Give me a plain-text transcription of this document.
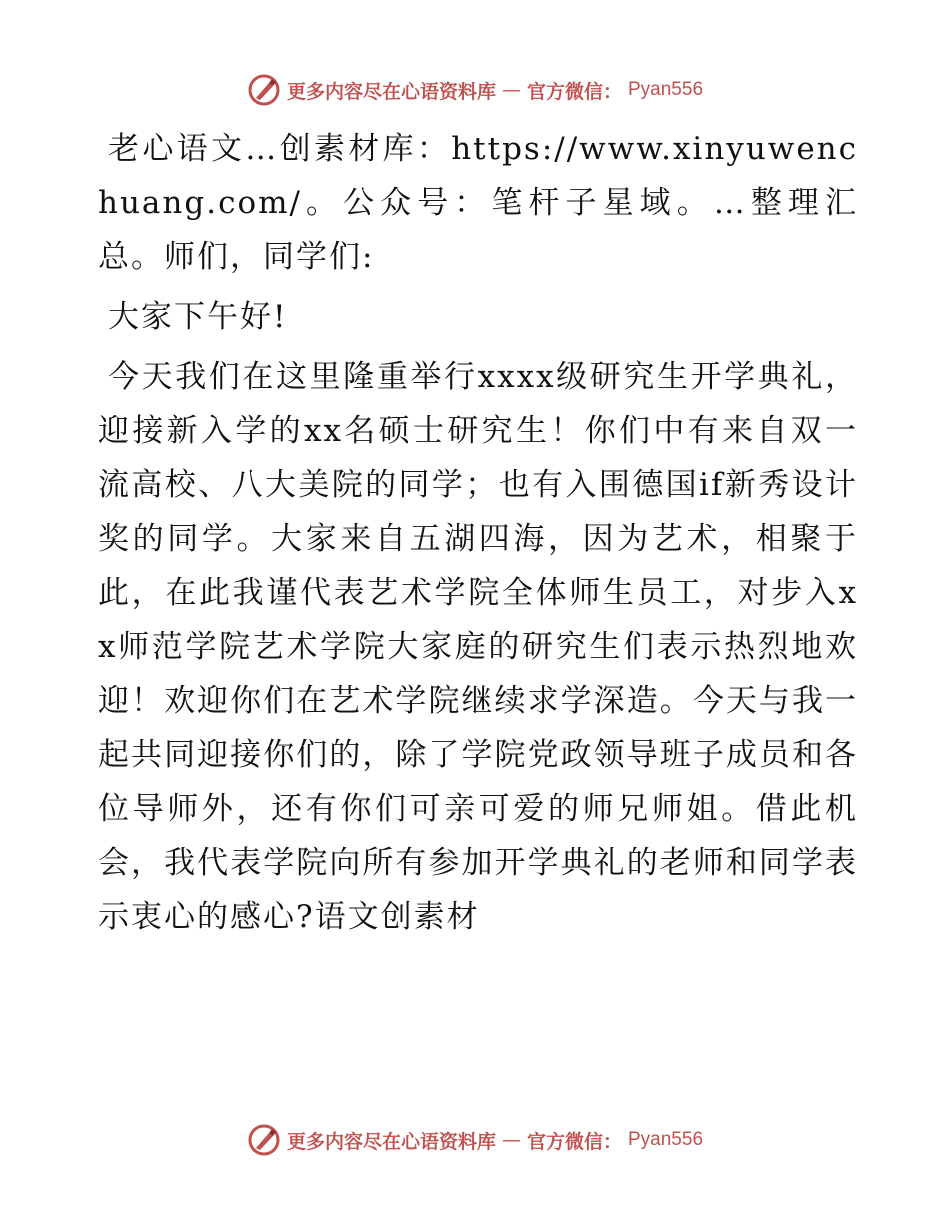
更多内容尽在心语资料库 — 官方微信： Pyan556

老心语文…创素材库：https://www.xinyuwenchuang.com/。公众号：笔杆子星域。…整理汇总。师们，同学们:

大家下午好!

今天我们在这里隆重举行xxxx级研究生开学典礼，迎接新入学的xx名硕士研究生！你们中有来自双一流高校、八大美院的同学；也有入围德国if新秀设计奖的同学。大家来自五湖四海，因为艺术，相聚于此，在此我谨代表艺术学院全体师生员工，对步入xx师范学院艺术学院大家庭的研究生们表示热烈地欢迎！欢迎你们在艺术学院继续求学深造。今天与我一起共同迎接你们的，除了学院党政领导班子成员和各位导师外，还有你们可亲可爱的师兄师姐。借此机会，我代表学院向所有参加开学典礼的老师和同学表示衷心的感心?语文创素材

更多内容尽在心语资料库 — 官方微信： Pyan556
